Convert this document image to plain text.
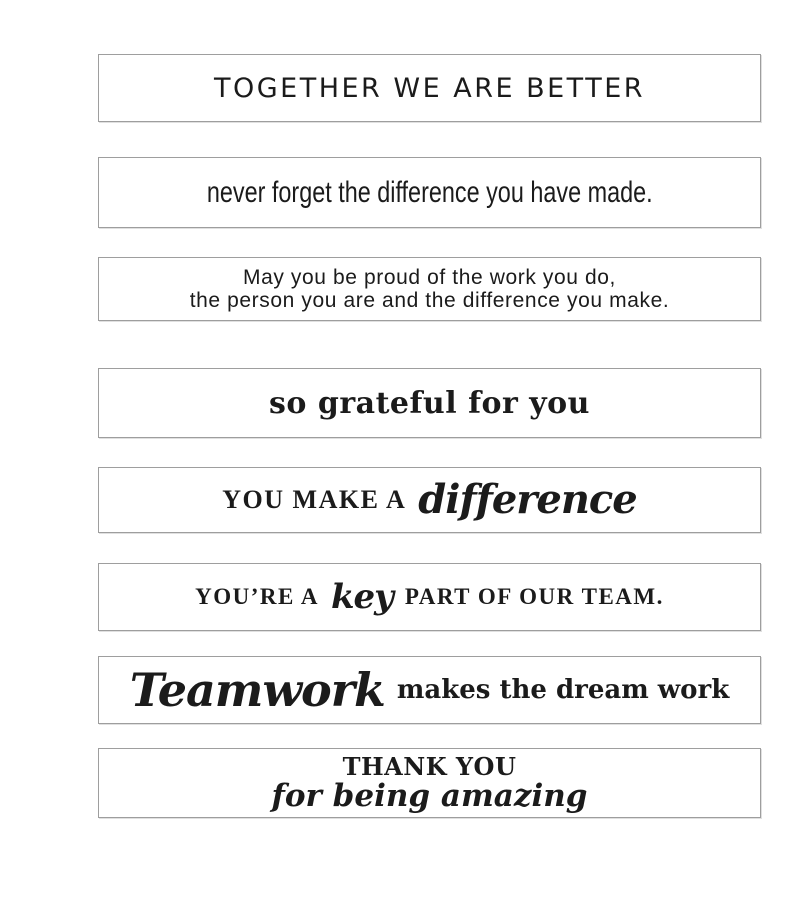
TOGETHER WE ARE BETTER
never forget the difference you have made.
May you be proud of the work you do,
the person you are and the difference you make.
so grateful for you
YOU MAKE A difference
YOU’RE A key PART OF OUR TEAM.
Teamwork makes the dream work
THANK YOU
for being amazing
